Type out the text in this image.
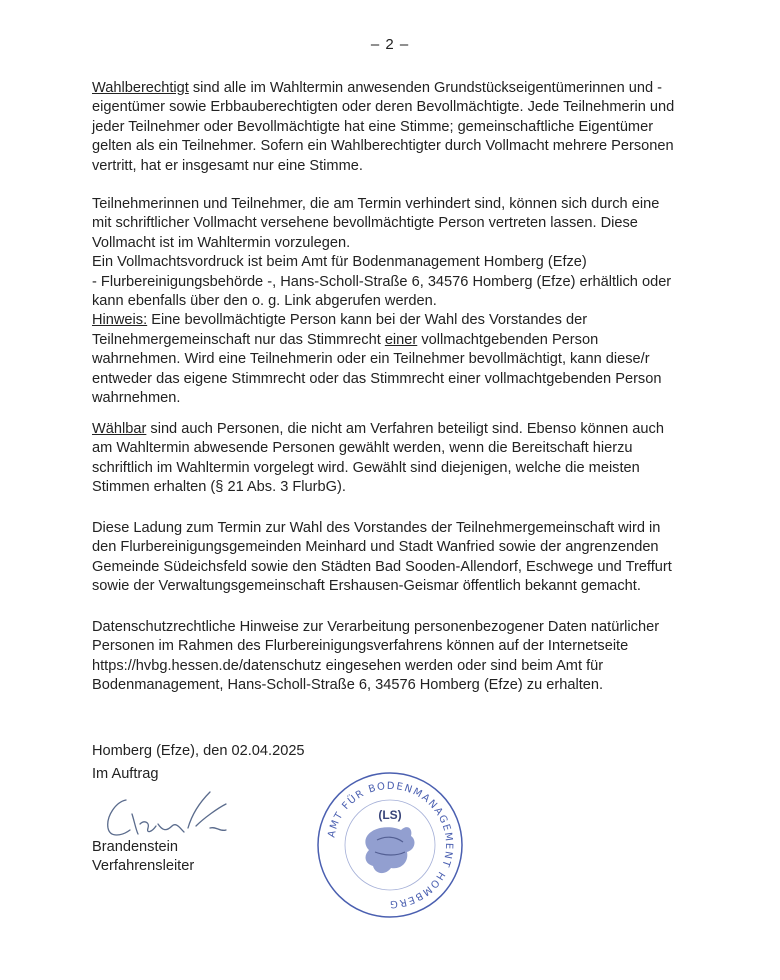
– 2 –

Wahlberechtigt sind alle im Wahltermin anwesenden Grundstückseigentümerinnen und -
eigentümer sowie Erbbauberechtigten oder deren Bevollmächtigte. Jede Teilnehmerin und
jeder Teilnehmer oder Bevollmächtigte hat eine Stimme; gemeinschaftliche Eigentümer
gelten als ein Teilnehmer. Sofern ein Wahlberechtigter durch Vollmacht mehrere Personen
vertritt, hat er insgesamt nur eine Stimme.

Teilnehmerinnen und Teilnehmer, die am Termin verhindert sind, können sich durch eine
mit schriftlicher Vollmacht versehene bevollmächtigte Person vertreten lassen. Diese
Vollmacht ist im Wahltermin vorzulegen.
Ein Vollmachtsvordruck ist beim Amt für Bodenmanagement Homberg (Efze)
- Flurbereinigungsbehörde -, Hans-Scholl-Straße 6, 34576 Homberg (Efze) erhältlich oder
kann ebenfalls über den o. g. Link abgerufen werden.
Hinweis: Eine bevollmächtigte Person kann bei der Wahl des Vorstandes der
Teilnehmergemeinschaft nur das Stimmrecht einer vollmachtgebenden Person
wahrnehmen. Wird eine Teilnehmerin oder ein Teilnehmer bevollmächtigt, kann diese/r
entweder das eigene Stimmrecht oder das Stimmrecht einer vollmachtgebenden Person
wahrnehmen.

Wählbar sind auch Personen, die nicht am Verfahren beteiligt sind. Ebenso können auch
am Wahltermin abwesende Personen gewählt werden, wenn die Bereitschaft hierzu
schriftlich im Wahltermin vorgelegt wird. Gewählt sind diejenigen, welche die meisten
Stimmen erhalten (§ 21 Abs. 3 FlurbG).

Diese Ladung zum Termin zur Wahl des Vorstandes der Teilnehmergemeinschaft wird in
den Flurbereinigungsgemeinden Meinhard und Stadt Wanfried sowie der angrenzenden
Gemeinde Südeichsfeld sowie den Städten Bad Sooden-Allendorf, Eschwege und Treffurt
sowie der Verwaltungsgemeinschaft Ershausen-Geismar öffentlich bekannt gemacht.

Datenschutzrechtliche Hinweise zur Verarbeitung personenbezogener Daten natürlicher
Personen im Rahmen des Flurbereinigungsverfahrens können auf der Internetseite
https://hvbg.hessen.de/datenschutz eingesehen werden oder sind beim Amt für
Bodenmanagement, Hans-Scholl-Straße 6, 34576 Homberg (Efze) zu erhalten.

Homberg (Efze), den 02.04.2025
Im Auftrag
Brandenstein
Verfahrensleiter
AMT FÜR BODENMANAGEMENT HOMBERG
(LS)
